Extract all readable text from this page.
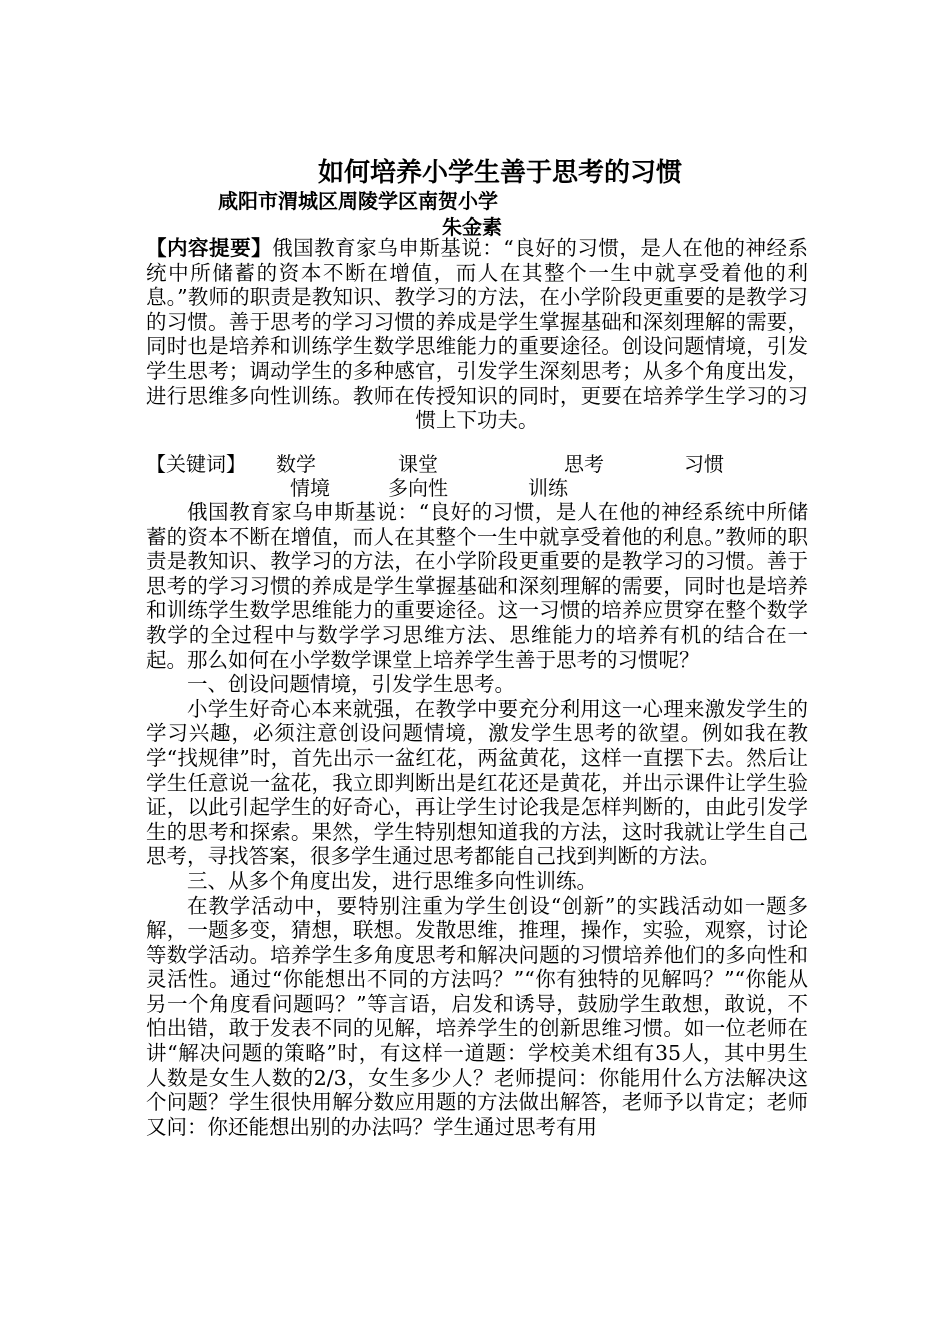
如何培养小学生善于思考的习惯
咸阳市渭城区周陵学区南贺小学
朱金素
【内容提要】俄国教育家乌申斯基说：“良好的习惯，是人在他的神经系统中所储蓄的资本不断在增值，而人在其整个一生中就享受着他的利息。”教师的职责是教知识、教学习的方法，在小学阶段更重要的是教学习的习惯。善于思考的学习习惯的养成是学生掌握基础和深刻理解的需要，同时也是培养和训练学生数学思维能力的重要途径。创设问题情境，引发学生思考；调动学生的多种感官，引发学生深刻思考；从多个角度出发，进行思维多向性训练。教师在传授知识的同时，更要在培养学生学习的习惯上下功夫。
【关键词】 数学	课堂	思考	习惯
情境	多向性	训练

俄国教育家乌申斯基说：“良好的习惯，是人在他的神经系统中所储蓄的资本不断在增值，而人在其整个一生中就享受着他的利息。”教师的职责是教知识、教学习的方法，在小学阶段更重要的是教学习的习惯。善于思考的学习习惯的养成是学生掌握基础和深刻理解的需要，同时也是培养和训练学生数学思维能力的重要途径。这一习惯的培养应贯穿在整个数学教学的全过程中与数学学习思维方法、思维能力的培养有机的结合在一起。那么如何在小学数学课堂上培养学生善于思考的习惯呢？

一、创设问题情境，引发学生思考。

小学生好奇心本来就强，在教学中要充分利用这一心理来激发学生的学习兴趣，必须注意创设问题情境，激发学生思考的欲望。例如我在教学“找规律”时，首先出示一盆红花，两盆黄花，这样一直摆下去。然后让学生任意说一盆花，我立即判断出是红花还是黄花，并出示课件让学生验证，以此引起学生的好奇心，再让学生讨论我是怎样判断的，由此引发学生的思考和探索。果然，学生特别想知道我的方法，这时我就让学生自己思考，寻找答案，很多学生通过思考都能自己找到判断的方法。

三、从多个角度出发，进行思维多向性训练。

在教学活动中，要特别注重为学生创设“创新”的实践活动如一题多解，一题多变，猜想，联想。发散思维，推理，操作，实验，观察，讨论等数学活动。培养学生多角度思考和解决问题的习惯培养他们的多向性和灵活性。通过“你能想出不同的方法吗？”“你有独特的见解吗？”“你能从另一个角度看问题吗？”等言语，启发和诱导，鼓励学生敢想，敢说，不怕出错，敢于发表不同的见解，培养学生的创新思维习惯。如一位老师在讲“解决问题的策略”时，有这样一道题：学校美术组有35人，其中男生人数是女生人数的2/3，女生多少人？老师提问：你能用什么方法解决这个问题？学生很快用解分数应用题的方法做出解答，老师予以肯定；老师又问：你还能想出别的办法吗？学生通过思考有用
